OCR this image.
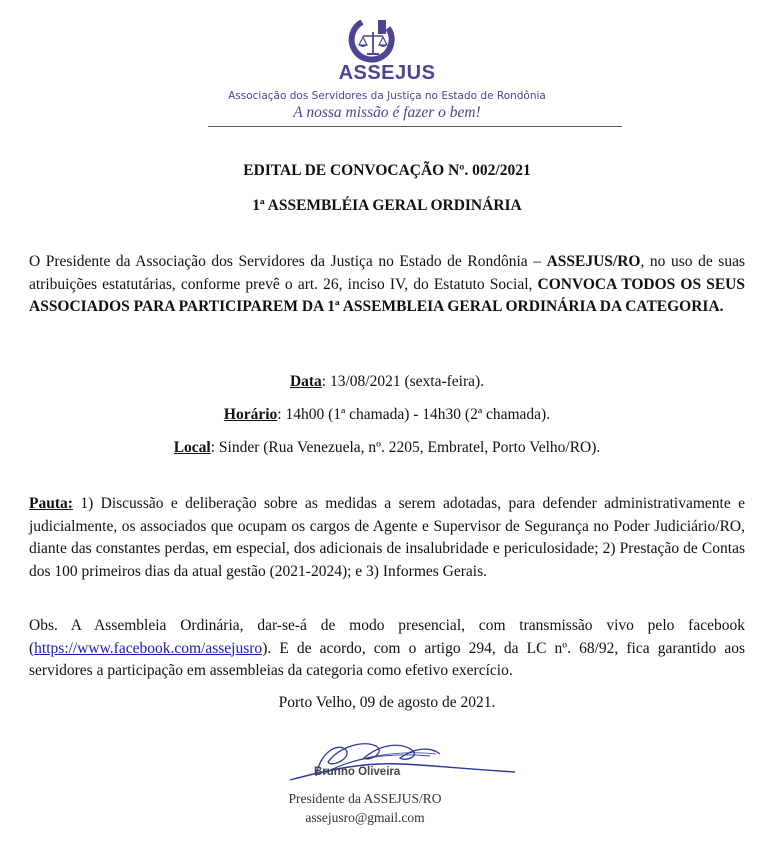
ASSEJUS
Associação dos Servidores da Justiça no Estado de Rondônia
A nossa missão é fazer o bem!
EDITAL DE CONVOCAÇÃO Nº. 002/2021
1ª ASSEMBLÉIA GERAL ORDINÁRIA
O Presidente da Associação dos Servidores da Justiça no Estado de Rondônia – ASSEJUS/RO, no uso de suas atribuições estatutárias, conforme prevê o art. 26, inciso IV, do Estatuto Social, CONVOCA TODOS OS SEUS ASSOCIADOS PARA PARTICIPAREM DA 1ª ASSEMBLEIA GERAL ORDINÁRIA DA CATEGORIA.
Data: 13/08/2021 (sexta-feira).
Horário: 14h00 (1ª chamada) - 14h30 (2ª chamada).
Local: Sinder (Rua Venezuela, nº. 2205, Embratel, Porto Velho/RO).
Pauta: 1) Discussão e deliberação sobre as medidas a serem adotadas, para defender administrativamente e judicialmente, os associados que ocupam os cargos de Agente e Supervisor de Segurança no Poder Judiciário/RO, diante das constantes perdas, em especial, dos adicionais de insalubridade e periculosidade; 2) Prestação de Contas dos 100 primeiros dias da atual gestão (2021-2024); e 3) Informes Gerais.
Obs. A Assembleia Ordinária, dar-se-á de modo presencial, com transmissão vivo pelo facebook (https://www.facebook.com/assejusro). E de acordo, com o artigo 294, da LC nº. 68/92, fica garantido aos servidores a participação em assembleias da categoria como efetivo exercício.
Porto Velho, 09 de agosto de 2021.
Brunno Oliveira
Presidente da ASSEJUS/RO
assejusro@gmail.com
